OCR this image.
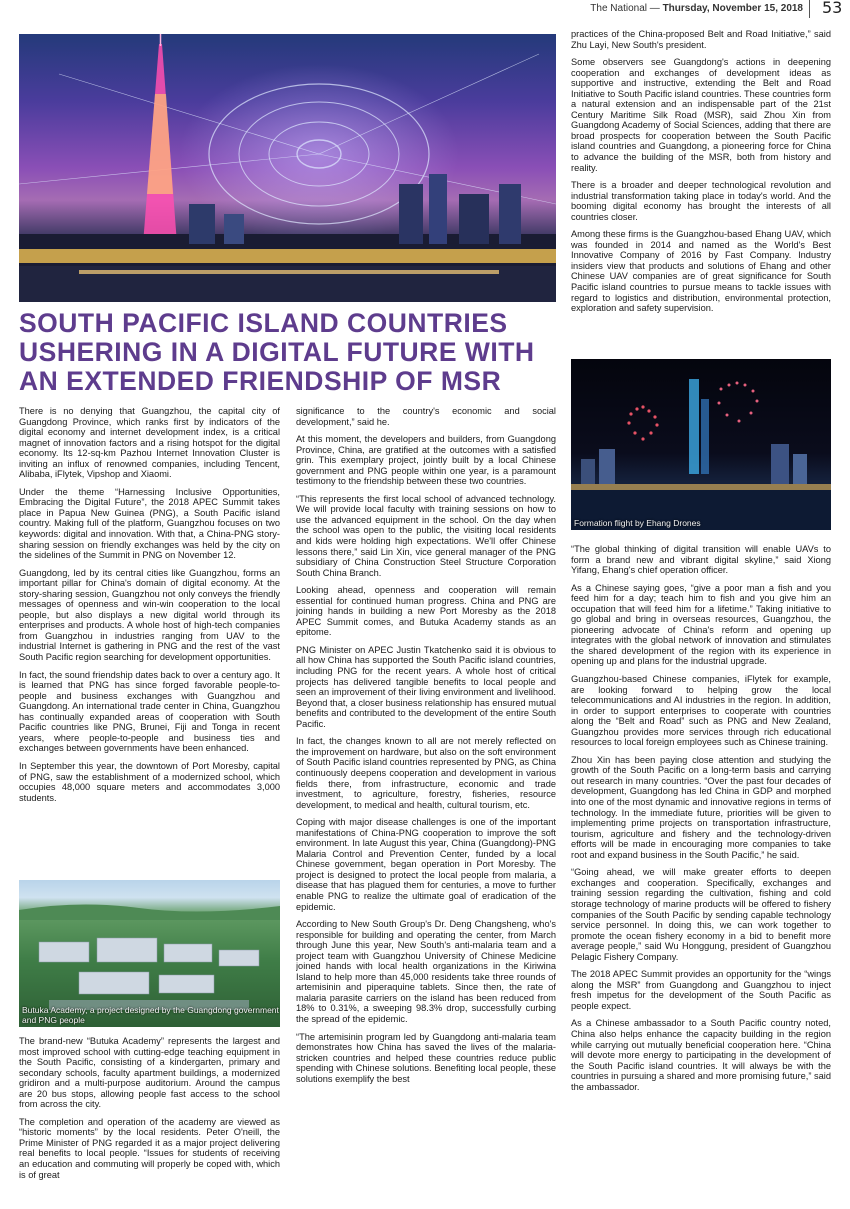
The National — Thursday, November 15, 2018 53
SOUTH PACIFIC ISLAND COUNTRIES USHERING IN A DIGITAL FUTURE WITH AN EXTENDED FRIENDSHIP OF MSR

There is no denying that Guangzhou, the capital city of Guangdong Province, which ranks first by indicators of the digital economy and internet development index, is a critical magnet of innovation factors and a rising hotspot for the digital economy. Its 12-sq-km Pazhou Internet Innovation Cluster is inviting an influx of renowned companies, including Tencent, Alibaba, iFlytek, Vipshop and Xiaomi.

Under the theme “Harnessing Inclusive Opportunities, Embracing the Digital Future”, the 2018 APEC Summit takes place in Papua New Guinea (PNG), a South Pacific island country. Making full of the platform, Guangzhou focuses on two keywords: digital and innovation. With that, a China-PNG story-sharing session on friendly exchanges was held by the city on the sidelines of the Summit in PNG on November 12.

Guangdong, led by its central cities like Guangzhou, forms an important pillar for China's domain of digital economy. At the story-sharing session, Guangzhou not only conveys the friendly messages of openness and win-win cooperation to the local people, but also displays a new digital world through its enterprises and products. A whole host of high-tech companies from Guangzhou in industries ranging from UAV to the industrial Internet is gathering in PNG and the rest of the vast South Pacific region searching for development opportunities.

In fact, the sound friendship dates back to over a century ago. It is learned that PNG has since forged favorable people-to-people and business exchanges with Guangzhou and Guangdong. An international trade center in China, Guangzhou has continually expanded areas of cooperation with South Pacific countries like PNG, Brunei, Fiji and Tonga in recent years, where people-to-people and business ties and exchanges between governments have been enhanced.

In September this year, the downtown of Port Moresby, capital of PNG, saw the establishment of a modernized school, which occupies 48,000 square meters and accommodates 3,000 students.

Butuka Academy, a project designed by the Guangdong government and PNG people

The brand-new “Butuka Academy” represents the largest and most improved school with cutting-edge teaching equipment in the South Pacific, consisting of a kindergarten, primary and secondary schools, faculty apartment buildings, a modernized gridiron and a multi-purpose auditorium. Around the campus are 20 bus stops, allowing people fast access to the school from across the city.

The completion and operation of the academy are viewed as “historic moments” by the local residents. Peter O'neill, the Prime Minister of PNG regarded it as a major project delivering real benefits to local people. “Issues for students of receiving an education and commuting will properly be coped with, which is of great

significance to the country's economic and social development,” said he.

At this moment, the developers and builders, from Guangdong Province, China, are gratified at the outcomes with a satisfied grin. This exemplary project, jointly built by a local Chinese government and PNG people within one year, is a paramount testimony to the friendship between these two countries.

“This represents the first local school of advanced technology. We will provide local faculty with training sessions on how to use the advanced equipment in the school. On the day when the school was open to the public, the visiting local residents and kids were holding high expectations. We'll offer Chinese lessons there,” said Lin Xin, vice general manager of the PNG subsidiary of China Construction Steel Structure Corporation South China Branch.

Looking ahead, openness and cooperation will remain essential for continued human progress. China and PNG are joining hands in building a new Port Moresby as the 2018 APEC Summit comes, and Butuka Academy stands as an epitome.

PNG Minister on APEC Justin Tkatchenko said it is obvious to all how China has supported the South Pacific island countries, including PNG for the recent years. A whole host of critical projects has delivered tangible benefits to local people and seen an improvement of their living environment and livelihood. Beyond that, a closer business relationship has ensured mutual benefits and contributed to the development of the entire South Pacific.

In fact, the changes known to all are not merely reflected on the improvement on hardware, but also on the soft environment of South Pacific island countries represented by PNG, as China continuously deepens cooperation and development in various fields there, from infrastructure, economic and trade investment, to agriculture, forestry, fisheries, resource development, to medical and health, cultural tourism, etc.

Coping with major disease challenges is one of the important manifestations of China-PNG cooperation to improve the soft environment. In late August this year, China (Guangdong)-PNG Malaria Control and Prevention Center, funded by a local Chinese government, began operation in Port Moresby. The project is designed to protect the local people from malaria, a disease that has plagued them for centuries, a move to further enable PNG to realize the ultimate goal of eradication of the epidemic.

According to New South Group's Dr. Deng Changsheng, who's responsible for building and operating the center, from March through June this year, New South's anti-malaria team and a project team with Guangzhou University of Chinese Medicine joined hands with local health organizations in the Kiriwina Island to help more than 45,000 residents take three rounds of artemisinin and piperaquine tablets. Since then, the rate of malaria parasite carriers on the island has been reduced from 18% to 0.31%, a sweeping 98.3% drop, successfully curbing the spread of the epidemic.

“The artemisinin program led by Guangdong anti-malaria team demonstrates how China has saved the lives of the malaria-stricken countries and helped these countries reduce public spending with Chinese solutions. Benefiting local people, these solutions exemplify the best

practices of the China-proposed Belt and Road Initiative,” said Zhu Layi, New South's president.

Some observers see Guangdong's actions in deepening cooperation and exchanges of development ideas as supportive and instructive, extending the Belt and Road Initiative to South Pacific island countries. These countries form a natural extension and an indispensable part of the 21st Century Maritime Silk Road (MSR), said Zhou Xin from Guangdong Academy of Social Sciences, adding that there are broad prospects for cooperation between the South Pacific island countries and Guangdong, a pioneering force for China to advance the building of the MSR, both from history and reality.

There is a broader and deeper technological revolution and industrial transformation taking place in today's world. And the booming digital economy has brought the interests of all countries closer.

Among these firms is the Guangzhou-based Ehang UAV, which was founded in 2014 and named as the World's Best Innovative Company of 2016 by Fast Company. Industry insiders view that products and solutions of Ehang and other Chinese UAV companies are of great significance for South Pacific island countries to pursue means to tackle issues with regard to logistics and distribution, environmental protection, exploration and safety supervision.

Formation flight by Ehang Drones

“The global thinking of digital transition will enable UAVs to form a brand new and vibrant digital skyline,” said Xiong Yifang, Ehang's chief operation officer.

As a Chinese saying goes, “give a poor man a fish and you feed him for a day; teach him to fish and you give him an occupation that will feed him for a lifetime.” Taking initiative to go global and bring in overseas resources, Guangzhou, the pioneering advocate of China's reform and opening up integrates with the global network of innovation and stimulates the shared development of the region with its experience in opening up and plans for the industrial upgrade.

Guangzhou-based Chinese companies, iFlytek for example, are looking forward to helping grow the local telecommunications and AI industries in the region. In addition, in order to support enterprises to cooperate with countries along the “Belt and Road” such as PNG and New Zealand, Guangzhou provides more services through rich educational resources to local foreign employees such as Chinese training.

Zhou Xin has been paying close attention and studying the growth of the South Pacific on a long-term basis and carrying out research in many countries. “Over the past four decades of development, Guangdong has led China in GDP and morphed into one of the most dynamic and innovative regions in terms of technology. In the immediate future, priorities will be given to implementing prime projects on transportation infrastructure, tourism, agriculture and fishery and the technology-driven efforts will be made in encouraging more companies to take root and expand business in the South Pacific,” he said.

“Going ahead, we will make greater efforts to deepen exchanges and cooperation. Specifically, exchanges and training session regarding the cultivation, fishing and cold storage technology of marine products will be offered to fishery companies of the South Pacific by sending capable technology service personnel. In doing this, we can work together to promote the ocean fishery economy in a bid to benefit more average people,” said Wu Honggung, president of Guangzhou Pelagic Fishery Company.

The 2018 APEC Summit provides an opportunity for the “wings along the MSR” from Guangdong and Guangzhou to inject fresh impetus for the development of the South Pacific as people expect.

As a Chinese ambassador to a South Pacific country noted, China also helps enhance the capacity building in the region while carrying out mutually beneficial cooperation here. “China will devote more energy to participating in the development of the South Pacific island countries. It will always be with the countries in pursuing a shared and more promising future,” said the ambassador.
